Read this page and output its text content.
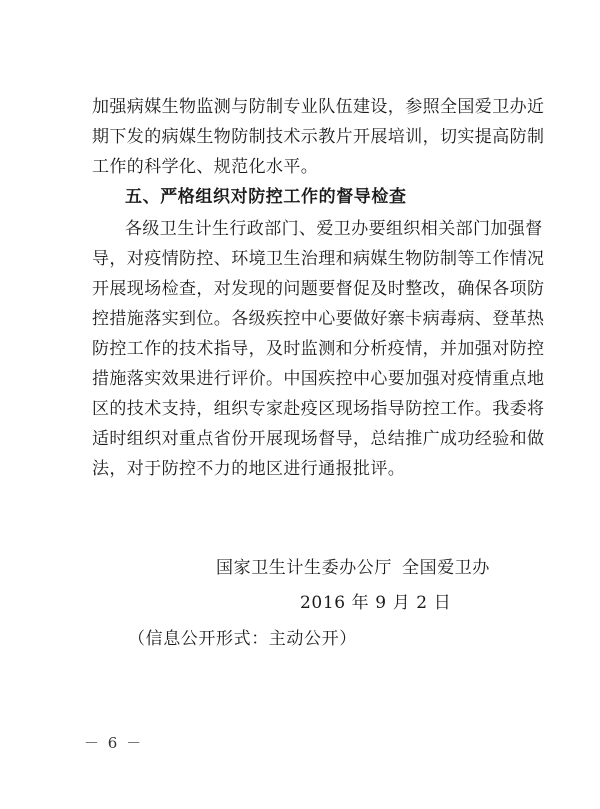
加强病媒生物监测与防制专业队伍建设，参照全国爱卫办近
期下发的病媒生物防制技术示教片开展培训，切实提高防制
工作的科学化、规范化水平。
五、严格组织对防控工作的督导检查
各级卫生计生行政部门、爱卫办要组织相关部门加强督
导，对疫情防控、环境卫生治理和病媒生物防制等工作情况
开展现场检查，对发现的问题要督促及时整改，确保各项防
控措施落实到位。各级疾控中心要做好寨卡病毒病、登革热
防控工作的技术指导，及时监测和分析疫情，并加强对防控
措施落实效果进行评价。中国疾控中心要加强对疫情重点地
区的技术支持，组织专家赴疫区现场指导防控工作。我委将
适时组织对重点省份开展现场督导，总结推广成功经验和做
法，对于防控不力的地区进行通报批评。
国家卫生计生委办公厅 全国爱卫办
2016 年 9 月 2 日
（信息公开形式：主动公开）
－ 6 －
